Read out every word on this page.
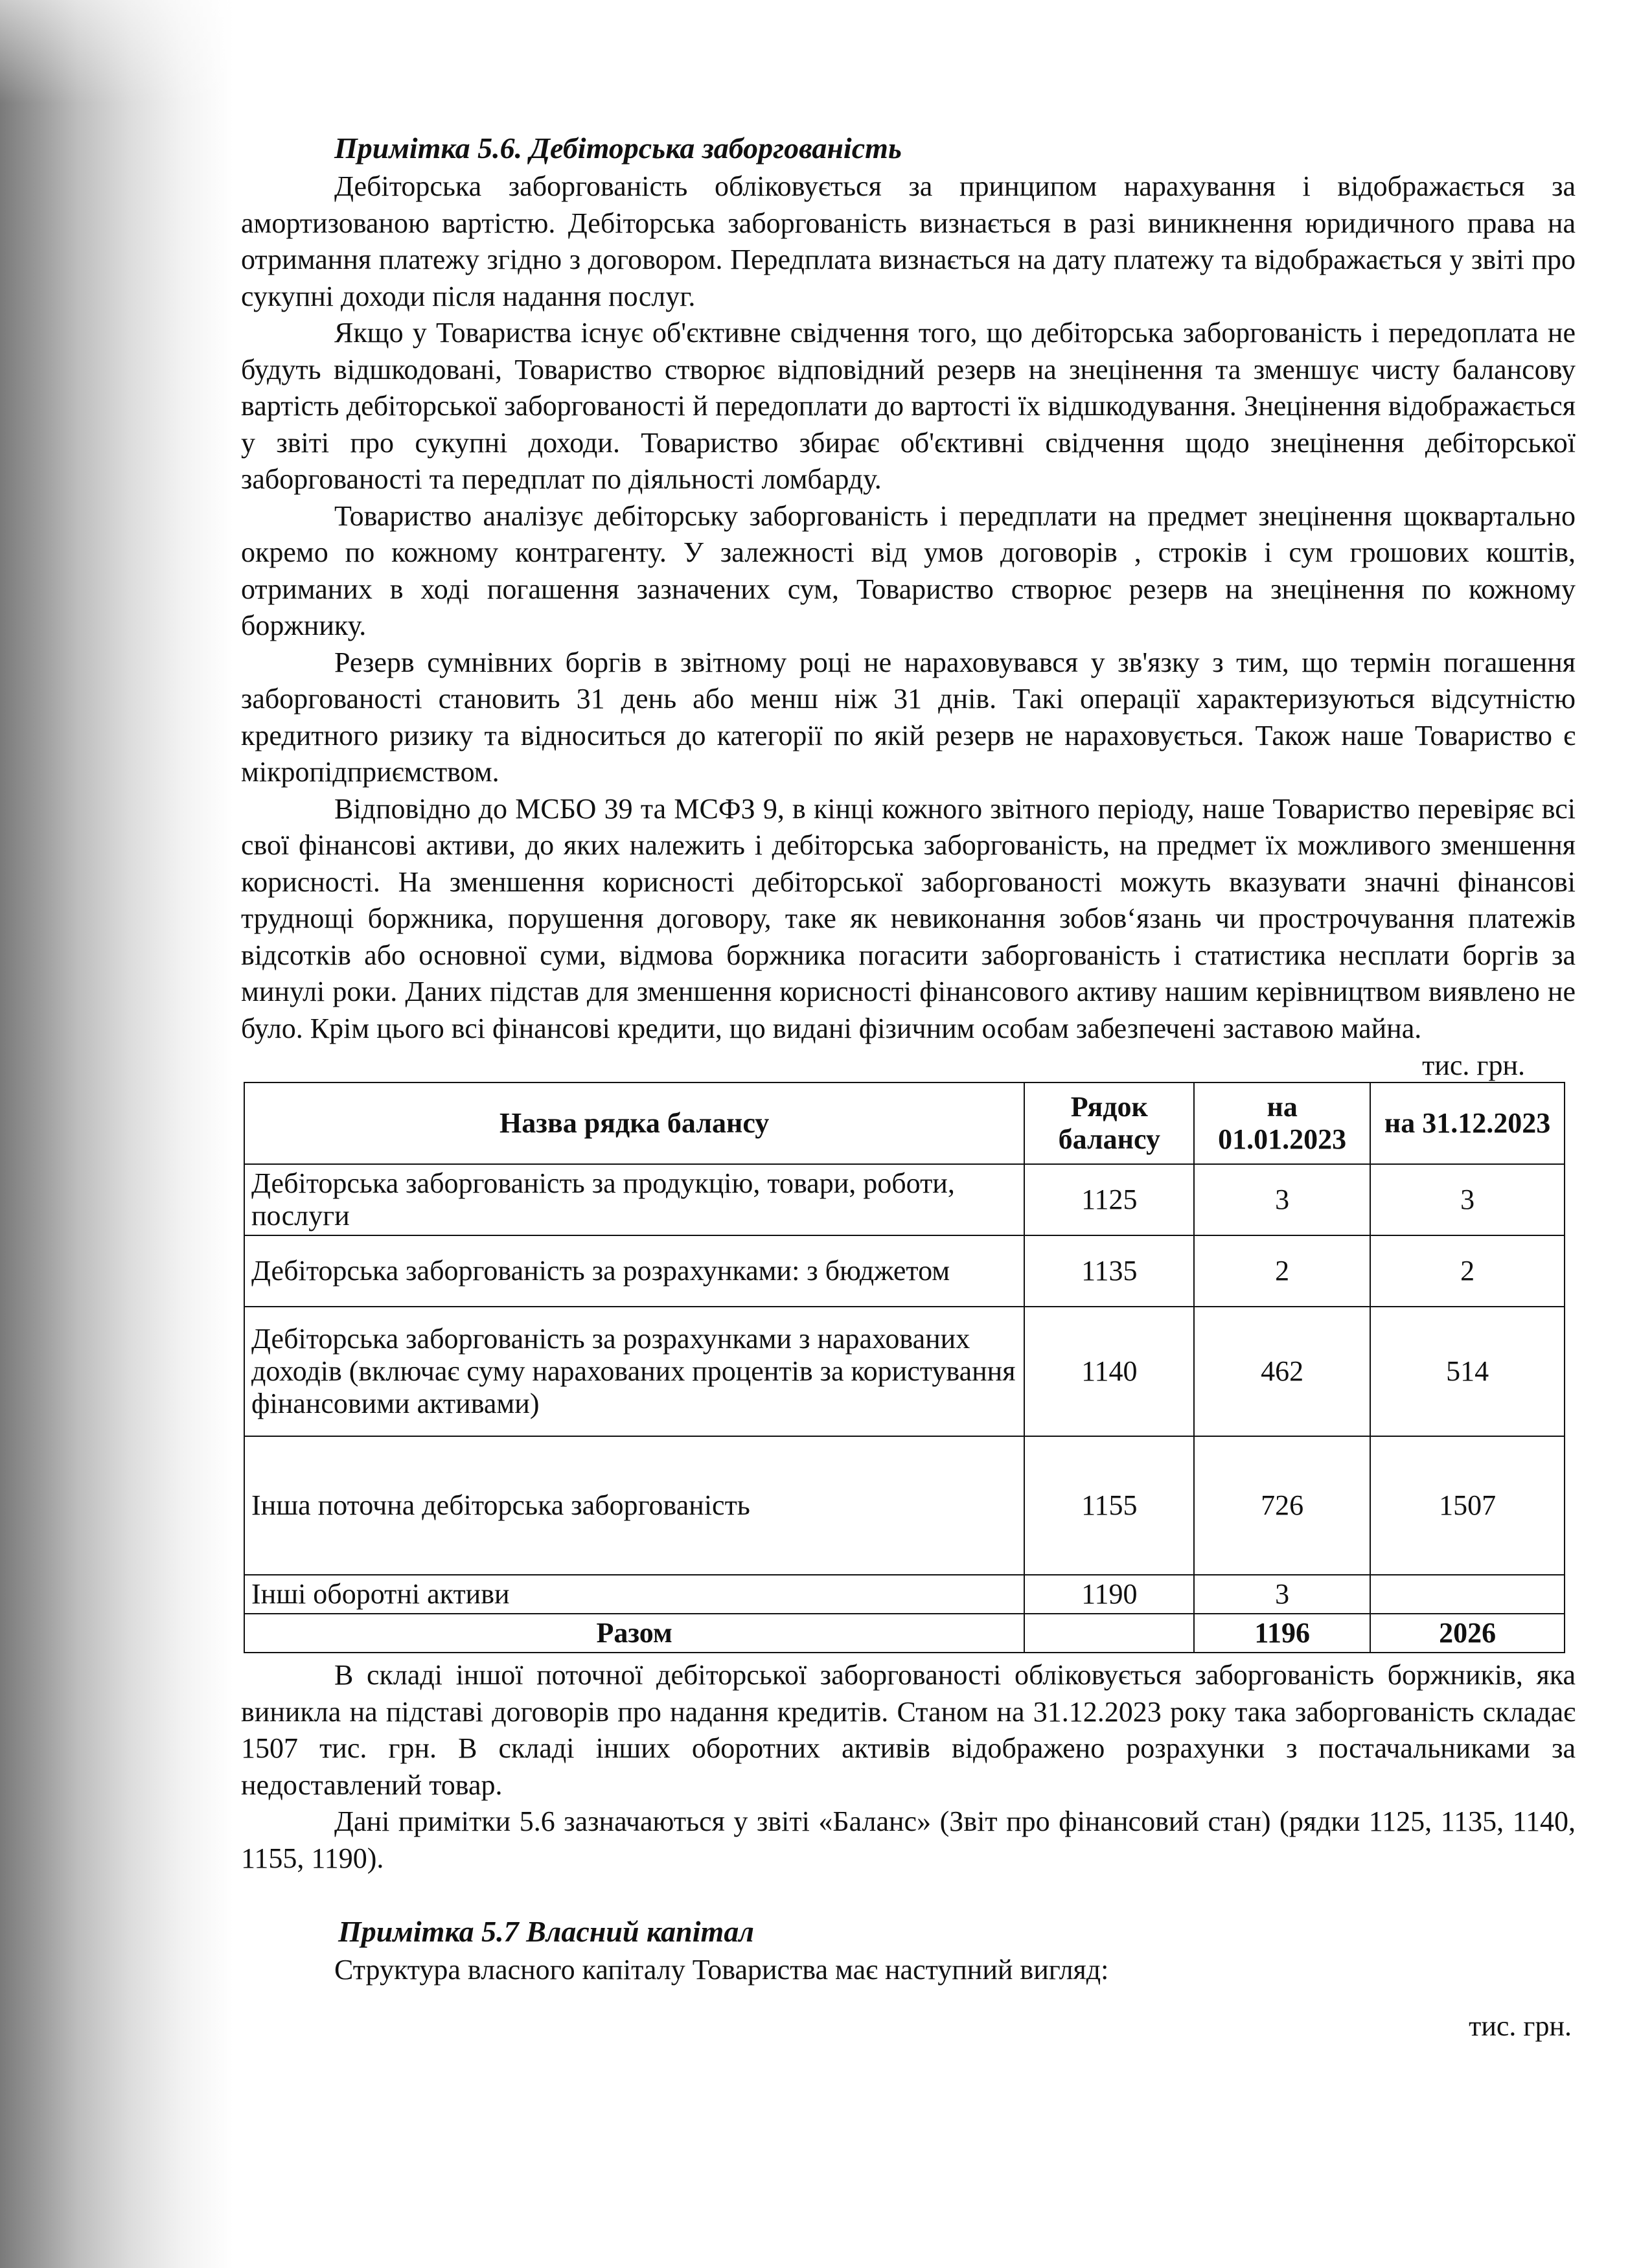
Примітка 5.6. Дебіторська заборгованість

Дебіторська заборгованість обліковується за принципом нарахування і відображається за амортизованою вартістю. Дебіторська заборгованість визнається в разі виникнення юридичного права на отримання платежу згідно з договором. Передплата визнається на дату платежу та відображається у звіті про сукупні доходи після надання послуг.

Якщо у Товариства існує об'єктивне свідчення того, що дебіторська заборгованість і передоплата не будуть відшкодовані, Товариство створює відповідний резерв на знецінення та зменшує чисту балансову вартість дебіторської заборгованості й передоплати до вартості їх відшкодування. Знецінення відображається у звіті про сукупні доходи. Товариство збирає об'єктивні свідчення щодо знецінення дебіторської заборгованості та передплат по діяльності ломбарду.

Товариство аналізує дебіторську заборгованість і передплати на предмет знецінення щоквартально окремо по кожному контрагенту. У залежності від умов договорів , строків і сум грошових коштів, отриманих в ході погашення зазначених сум, Товариство створює резерв на знецінення по кожному боржнику.

Резерв сумнівних боргів в звітному році не нараховувався у зв'язку з тим, що термін погашення заборгованості становить 31 день або менш ніж 31 днів. Такі операції характеризуються відсутністю кредитного ризику та відноситься до категорії по якій резерв не нараховується. Також наше Товариство є мікропідприємством.

Відповідно до МСБО 39 та МСФЗ 9, в кінці кожного звітного періоду, наше Товариство перевіряє всі свої фінансові активи, до яких належить і дебіторська заборгованість, на предмет їх можливого зменшення корисності. На зменшення корисності дебіторської заборгованості можуть вказувати значні фінансові труднощі боржника, порушення договору, таке як невиконання зобов‘язань чи прострочування платежів відсотків або основної суми, відмова боржника погасити заборгованість і статистика несплати боргів за минулі роки. Даних підстав для зменшення корисності фінансового активу нашим керівництвом виявлено не було. Крім цього всі фінансові кредити, що видані фізичним особам забезпечені заставою майна.

тис. грн.
Назва рядка балансу	Рядок балансу	на 01.01.2023	на 31.12.2023
Дебіторська заборгованість за продукцію, товари, роботи, послуги	1125	3	3
Дебіторська заборгованість за розрахунками: з бюджетом	1135	2	2
Дебіторська заборгованість за розрахунками з нарахованих доходів (включає суму нарахованих процентів за користування фінансовими активами)	1140	462	514
Інша поточна дебіторська заборгованість	1155	726	1507
Інші оборотні активи	1190	3	
Разом		1196	2026

В складі іншої поточної дебіторської заборгованості обліковується заборгованість боржників, яка виникла на підставі договорів про надання кредитів. Станом на 31.12.2023 року така заборгованість складає 1507 тис. грн. В складі інших оборотних активів відображено розрахунки з постачальниками за недоставлений товар.

Дані примітки 5.6 зазначаються у звіті «Баланс» (Звіт про фінансовий стан) (рядки 1125, 1135, 1140, 1155, 1190).

Примітка 5.7 Власний капітал

Структура власного капіталу Товариства має наступний вигляд:

тис. грн.
